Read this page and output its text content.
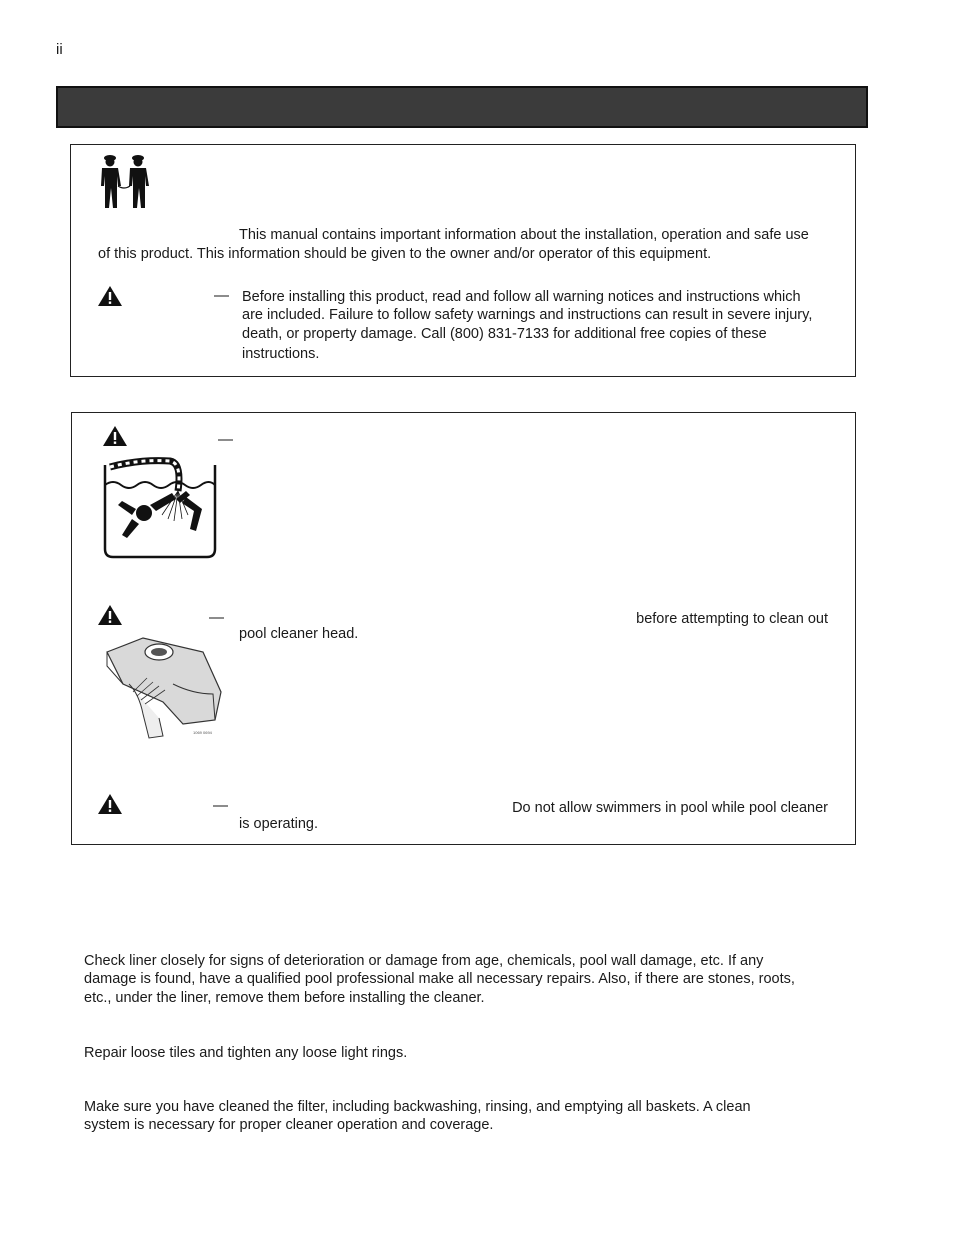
ii
This manual contains important information about the installation, operation and safe use
of this product. This information should be given to the owner and/or operator of this equipment.
— Before installing this product, read and follow all warning notices and instructions which
are included. Failure to follow safety warnings and instructions can result in severe injury,
death, or property damage. Call (800) 831-7133 for additional free copies of these
instructions.
—
—	before attempting to clean out
pool cleaner head.
1069 0694
—	Do not allow swimmers in pool while pool cleaner
is operating.
Check liner closely for signs of deterioration or damage from age, chemicals, pool wall damage, etc. If any
damage is found, have a qualified pool professional make all necessary repairs. Also, if there are stones, roots,
etc., under the liner, remove them before installing the cleaner.
Repair loose tiles and tighten any loose light rings.
Make sure you have cleaned the filter, including backwashing, rinsing, and emptying all baskets. A clean
system is necessary for proper cleaner operation and coverage.
